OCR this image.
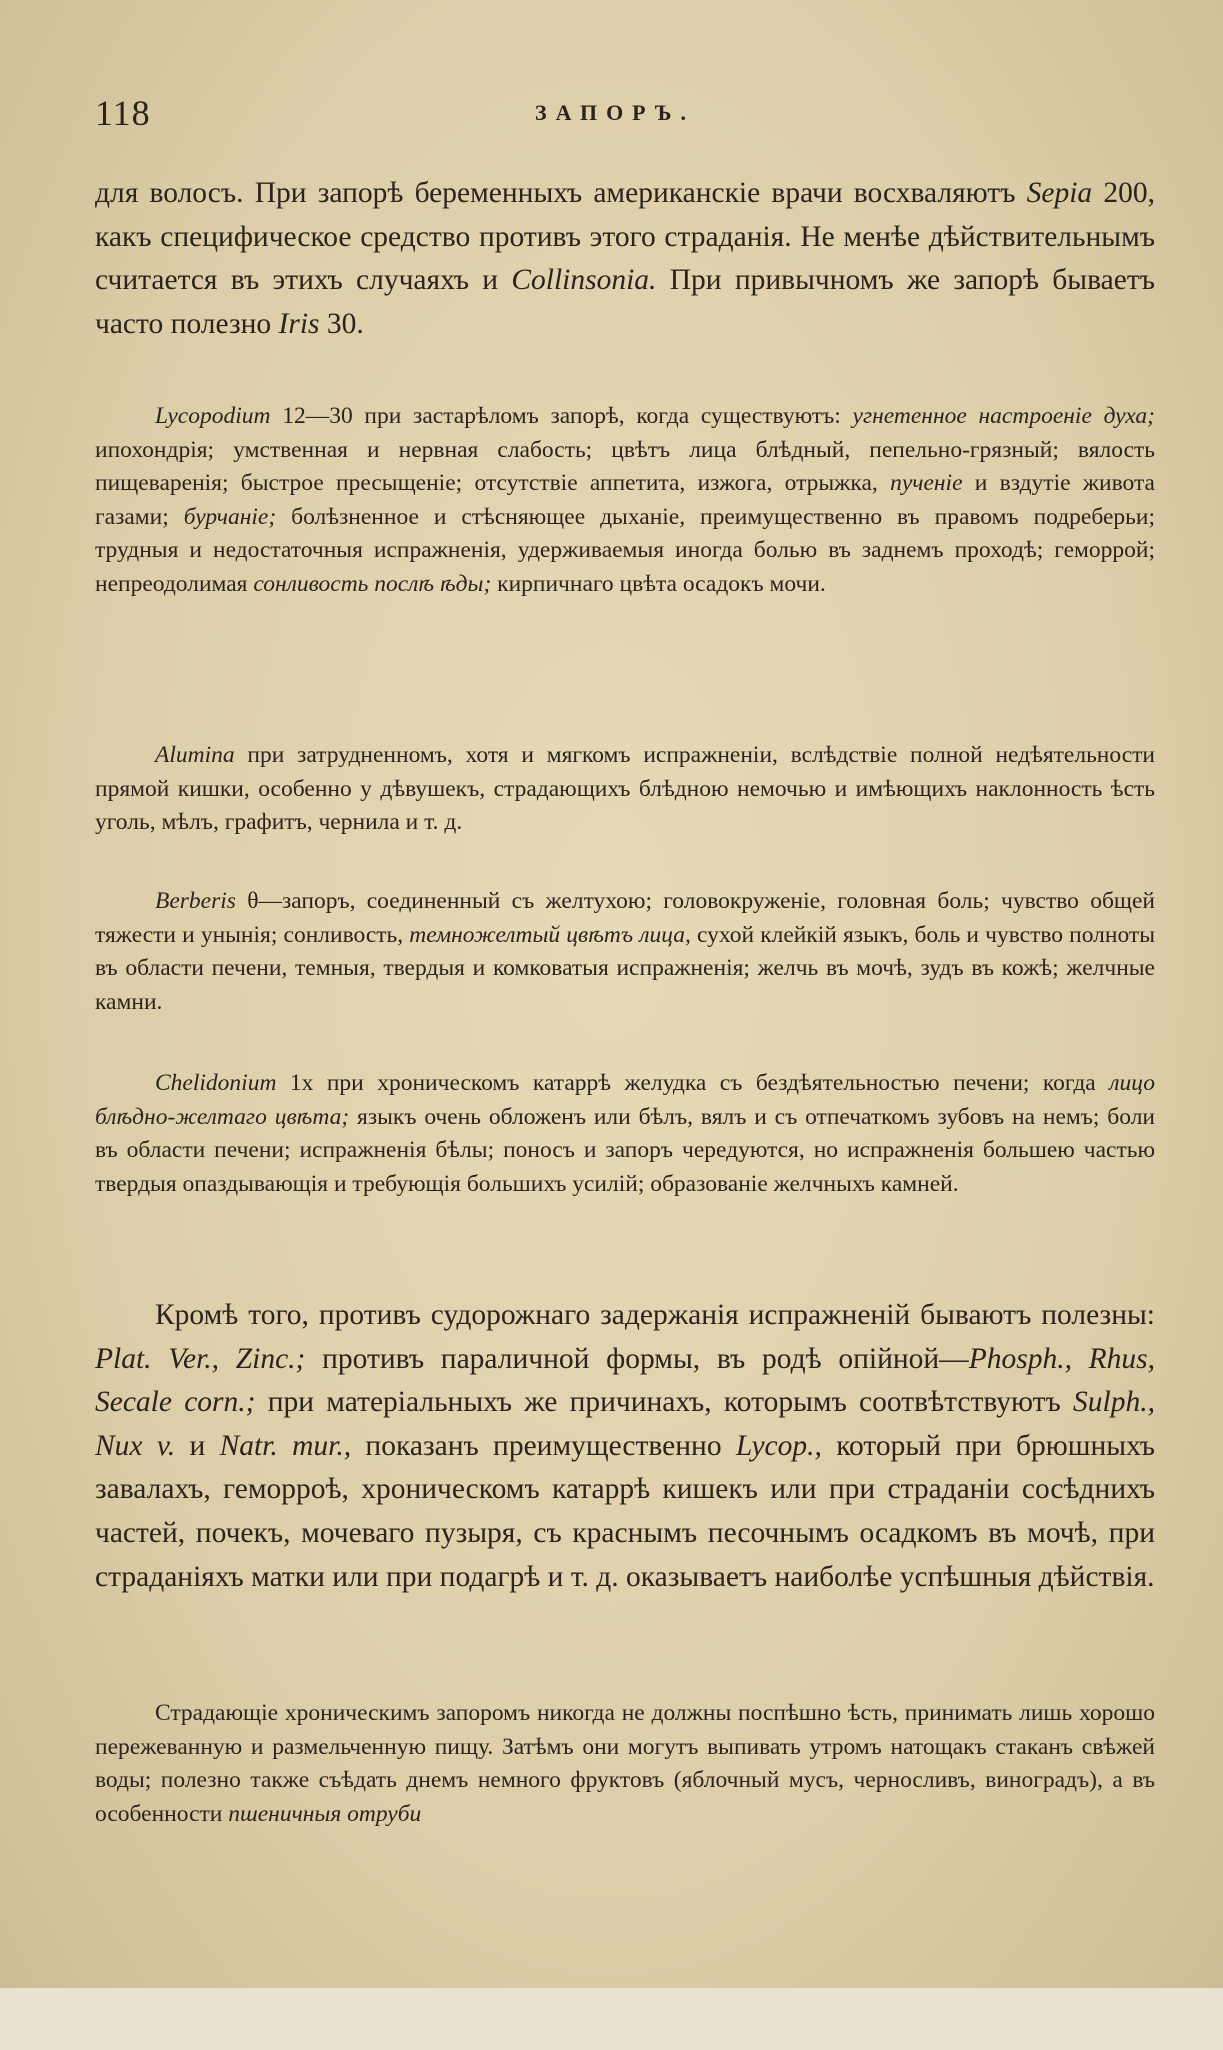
118	ЗАПОРЪ.

для волосъ. При запорѣ беременныхъ американскіе врачи восхваляютъ Sepia 200, какъ специфическое средство противъ этого страданія. Не менѣе дѣйствительнымъ считается въ этихъ случаяхъ и Collinsonia. При привычномъ же запорѣ бываетъ часто полезно Iris 30.

Lycopodium 12—30 при застарѣломъ запорѣ, когда существуютъ: угнетенное настроеніе духа; ипохондрія; умственная и нервная слабость; цвѣтъ лица блѣдный, пепельно-грязный; вялость пищеваренія; быстрое пресыщеніе; отсутствіе аппетита, изжога, отрыжка, пученіе и вздутіе живота газами; бурчаніе; болѣзненное и стѣсняющее дыханіе, преимущественно въ правомъ подреберьи; трудныя и недостаточныя испражненія, удерживаемыя иногда болью въ заднемъ проходѣ; геморрой; непреодолимая сонливость послѣ ѣды; кирпичнаго цвѣта осадокъ мочи.

Alumina при затрудненномъ, хотя и мягкомъ испражненіи, вслѣдствіе полной недѣятельности прямой кишки, особенно у дѣвушекъ, страдающихъ блѣдною немочью и имѣющихъ наклонность ѣсть уголь, мѣлъ, графитъ, чернила и т. д.

Berberis θ—запоръ, соединенный съ желтухою; головокруженіе, головная боль; чувство общей тяжести и унынія; сонливость, темножелтый цвѣтъ лица, сухой клейкій языкъ, боль и чувство полноты въ области печени, темныя, твердыя и комковатыя испражненія; желчь въ мочѣ, зудъ въ кожѣ; желчные камни.

Chelidonium 1x при хроническомъ катаррѣ желудка съ бездѣятельностью печени; когда лицо блѣдно-желтаго цвѣта; языкъ очень обложенъ или бѣлъ, вялъ и съ отпечаткомъ зубовъ на немъ; боли въ области печени; испражненія бѣлы; поносъ и запоръ чередуются, но испражненія большею частью твердыя опаздывающія и требующія большихъ усилій; образованіе желчныхъ камней.

Кромѣ того, противъ судорожнаго задержанія испражненій бываютъ полезны: Plat. Ver., Zinc.; противъ параличной формы, въ родѣ опійной—Phosph., Rhus, Secale corn.; при матеріальныхъ же причинахъ, которымъ соотвѣтствуютъ Sulph., Nux v. и Natr. mur., показанъ преимущественно Lycop., который при брюшныхъ завалахъ, геморроѣ, хроническомъ катаррѣ кишекъ или при страданіи сосѣднихъ частей, почекъ, мочеваго пузыря, съ краснымъ песочнымъ осадкомъ въ мочѣ, при страданіяхъ матки или при подагрѣ и т. д. оказываетъ наиболѣе успѣшныя дѣйствія.

Страдающіе хроническимъ запоромъ никогда не должны поспѣшно ѣсть, принимать лишь хорошо пережеванную и размельченную пищу. Затѣмъ они могутъ выпивать утромъ натощакъ стаканъ свѣжей воды; полезно также съѣдать днемъ немного фруктовъ (яблочный мусъ, черносливъ, виноградъ), а въ особенности пшеничныя отруби
